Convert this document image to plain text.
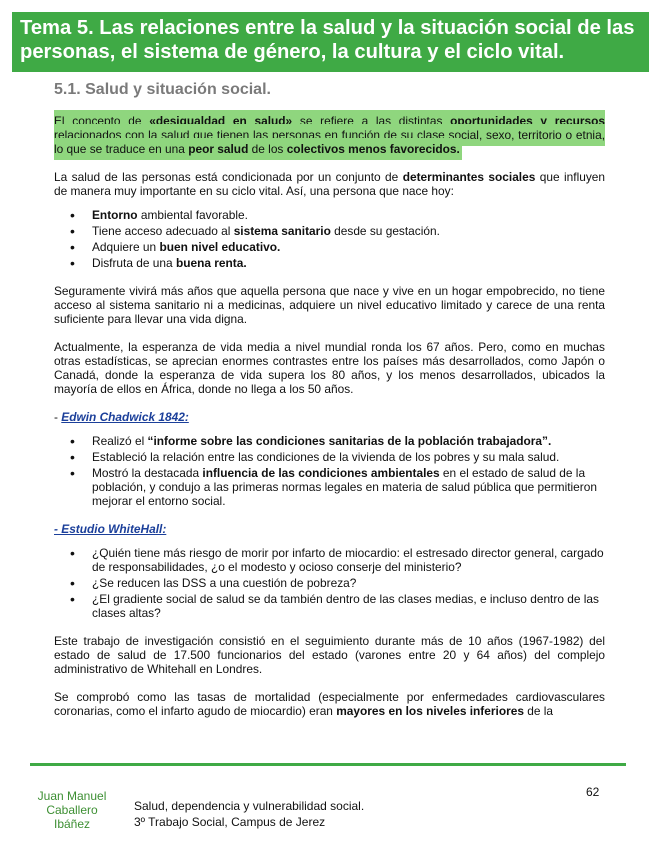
Tema 5. Las relaciones entre la salud y la situación social de las personas, el sistema de género, la cultura y el ciclo vital.
5.1. Salud y situación social.

El concepto de «desigualdad en salud» se refiere a las distintas oportunidades y recursos relacionados con la salud que tienen las personas en función de su clase social, sexo, territorio o etnia, lo que se traduce en una peor salud de los colectivos menos favorecidos.

La salud de las personas está condicionada por un conjunto de determinantes sociales que influyen de manera muy importante en su ciclo vital. Así, una persona que nace hoy:

• Entorno ambiental favorable.
• Tiene acceso adecuado al sistema sanitario desde su gestación.
• Adquiere un buen nivel educativo.
• Disfruta de una buena renta.

Seguramente vivirá más años que aquella persona que nace y vive en un hogar empobrecido, no tiene acceso al sistema sanitario ni a medicinas, adquiere un nivel educativo limitado y carece de una renta suficiente para llevar una vida digna.

Actualmente, la esperanza de vida media a nivel mundial ronda los 67 años. Pero, como en muchas otras estadísticas, se aprecian enormes contrastes entre los países más desarrollados, como Japón o Canadá, donde la esperanza de vida supera los 80 años, y los menos desarrollados, ubicados la mayoría de ellos en África, donde no llega a los 50 años.

- Edwin Chadwick 1842:
• Realizó el “informe sobre las condiciones sanitarias de la población trabajadora”.
• Estableció la relación entre las condiciones de la vivienda de los pobres y su mala salud.
• Mostró la destacada influencia de las condiciones ambientales en el estado de salud de la población, y condujo a las primeras normas legales en materia de salud pública que permitieron mejorar el entorno social.
- Estudio WhiteHall:
• ¿Quién tiene más riesgo de morir por infarto de miocardio: el estresado director general, cargado de responsabilidades, ¿o el modesto y ocioso conserje del ministerio?
• ¿Se reducen las DSS a una cuestión de pobreza?
• ¿El gradiente social de salud se da también dentro de las clases medias, e incluso dentro de las clases altas?

Este trabajo de investigación consistió en el seguimiento durante más de 10 años (1967-1982) del estado de salud de 17.500 funcionarios del estado (varones entre 20 y 64 años) del complejo administrativo de Whitehall en Londres.

Se comprobó como las tasas de mortalidad (especialmente por enfermedades cardiovasculares coronarias, como el infarto agudo de miocardio) eran mayores en los niveles inferiores de la

62
Juan Manuel
Caballero
Ibáñez
Salud, dependencia y vulnerabilidad social.
3º Trabajo Social, Campus de Jerez
